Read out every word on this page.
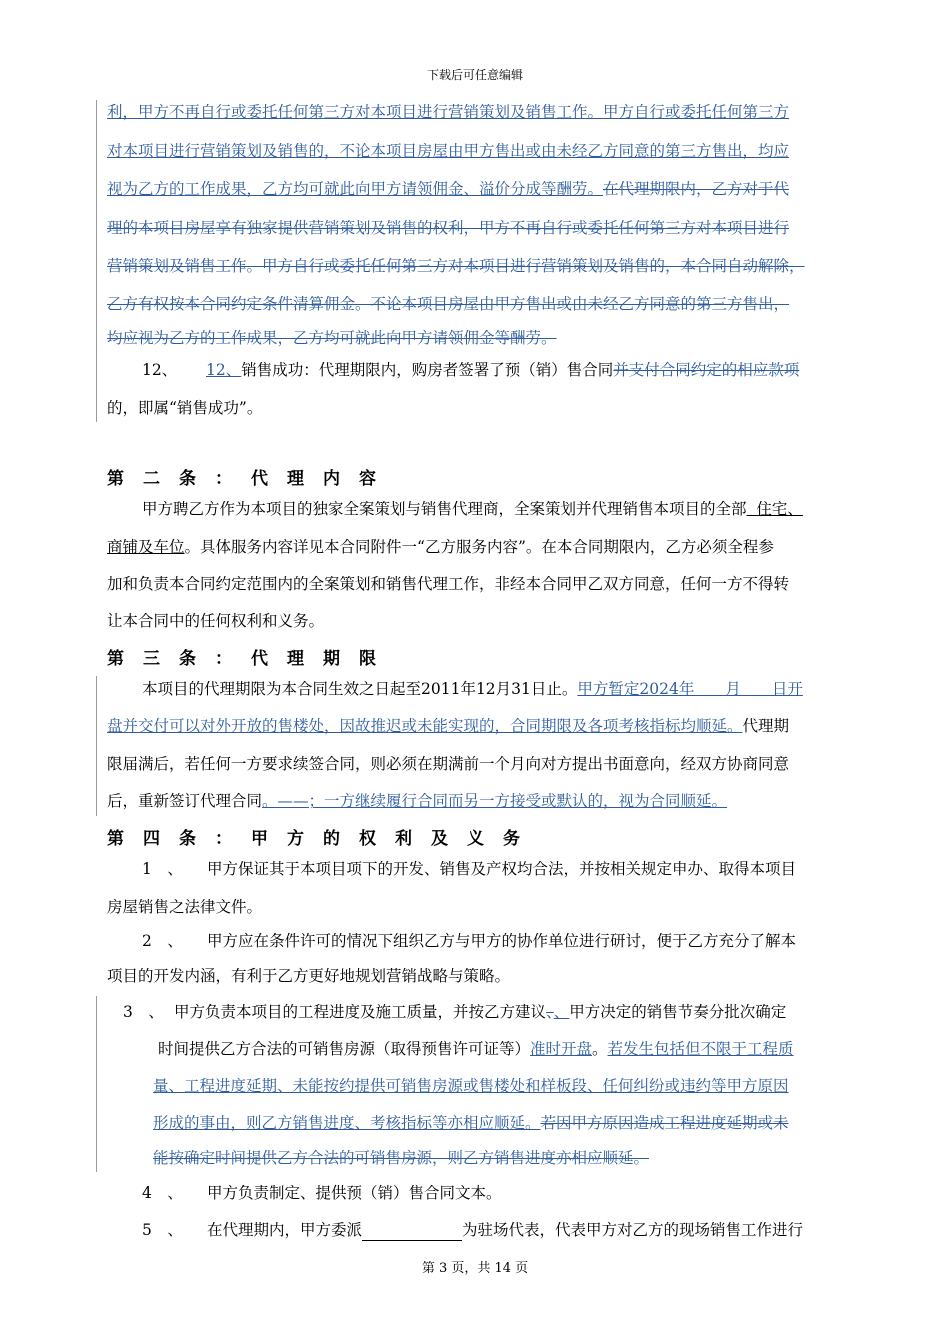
下载后可任意编辑
利，甲方不再自行或委托任何第三方对本项目进行营销策划及销售工作。甲方自行或委托任何第三方
对本项目进行营销策划及销售的，不论本项目房屋由甲方售出或由未经乙方同意的第三方售出，均应
视为乙方的工作成果，乙方均可就此向甲方请领佣金、溢价分成等酬劳。在代理期限内，乙方对于代
理的本项目房屋享有独家提供营销策划及销售的权利，甲方不再自行或委托任何第三方对本项目进行
营销策划及销售工作。甲方自行或委托任何第三方对本项目进行营销策划及销售的，本合同自动解除，
乙方有权按本合同约定条件清算佣金。不论本项目房屋由甲方售出或由未经乙方同意的第三方售出，
均应视为乙方的工作成果，乙方均可就此向甲方请领佣金等酬劳。
12、 12、销售成功：代理期限内，购房者签署了预（销）售合同并支付合同约定的相应款项
的，即属“销售成功”。
第二条：代理内容
甲方聘乙方作为本项目的独家全案策划与销售代理商，全案策划并代理销售本项目的全部 住宅、
商铺及车位。具体服务内容详见本合同附件一“乙方服务内容”。在本合同期限内，乙方必须全程参
加和负责本合同约定范围内的全案策划和销售代理工作，非经本合同甲乙双方同意，任何一方不得转
让本合同中的任何权利和义务。
第三条：代理期限
本项目的代理期限为本合同生效之日起至2011年12月31日止。甲方暂定2024年　　月　　日开
盘并交付可以对外开放的售楼处，因故推迟或未能实现的，合同期限及各项考核指标均顺延。代理期
限届满后，若任何一方要求续签合同，则必须在期满前一个月向对方提出书面意向，经双方协商同意
后，重新签订代理合同。——；一方继续履行合同而另一方接受或默认的，视为合同顺延。
第四条：甲方的权利及义务
1　、 甲方保证其于本项目项下的开发、销售及产权均合法，并按相关规定申办、取得本项目
房屋销售之法律文件。
2　、 甲方应在条件许可的情况下组织乙方与甲方的协作单位进行研讨，便于乙方充分了解本
项目的开发内涵，有利于乙方更好地规划营销战略与策略。
3　、 甲方负责本项目的工程进度及施工质量，并按乙方建议、、甲方决定的销售节奏分批次确定
时间提供乙方合法的可销售房源（取得预售许可证等）准时开盘。若发生包括但不限于工程质
量、工程进度延期、未能按约提供可销售房源或售楼处和样板段、任何纠纷或违约等甲方原因
形成的事由，则乙方销售进度、考核指标等亦相应顺延。若因甲方原因造成工程进度延期或未
能按确定时间提供乙方合法的可销售房源，则乙方销售进度亦相应顺延。
4　、 甲方负责制定、提供预（销）售合同文本。
5　、 在代理期内，甲方委派	为驻场代表，代表甲方对乙方的现场销售工作进行
第 3 页，共 14 页
